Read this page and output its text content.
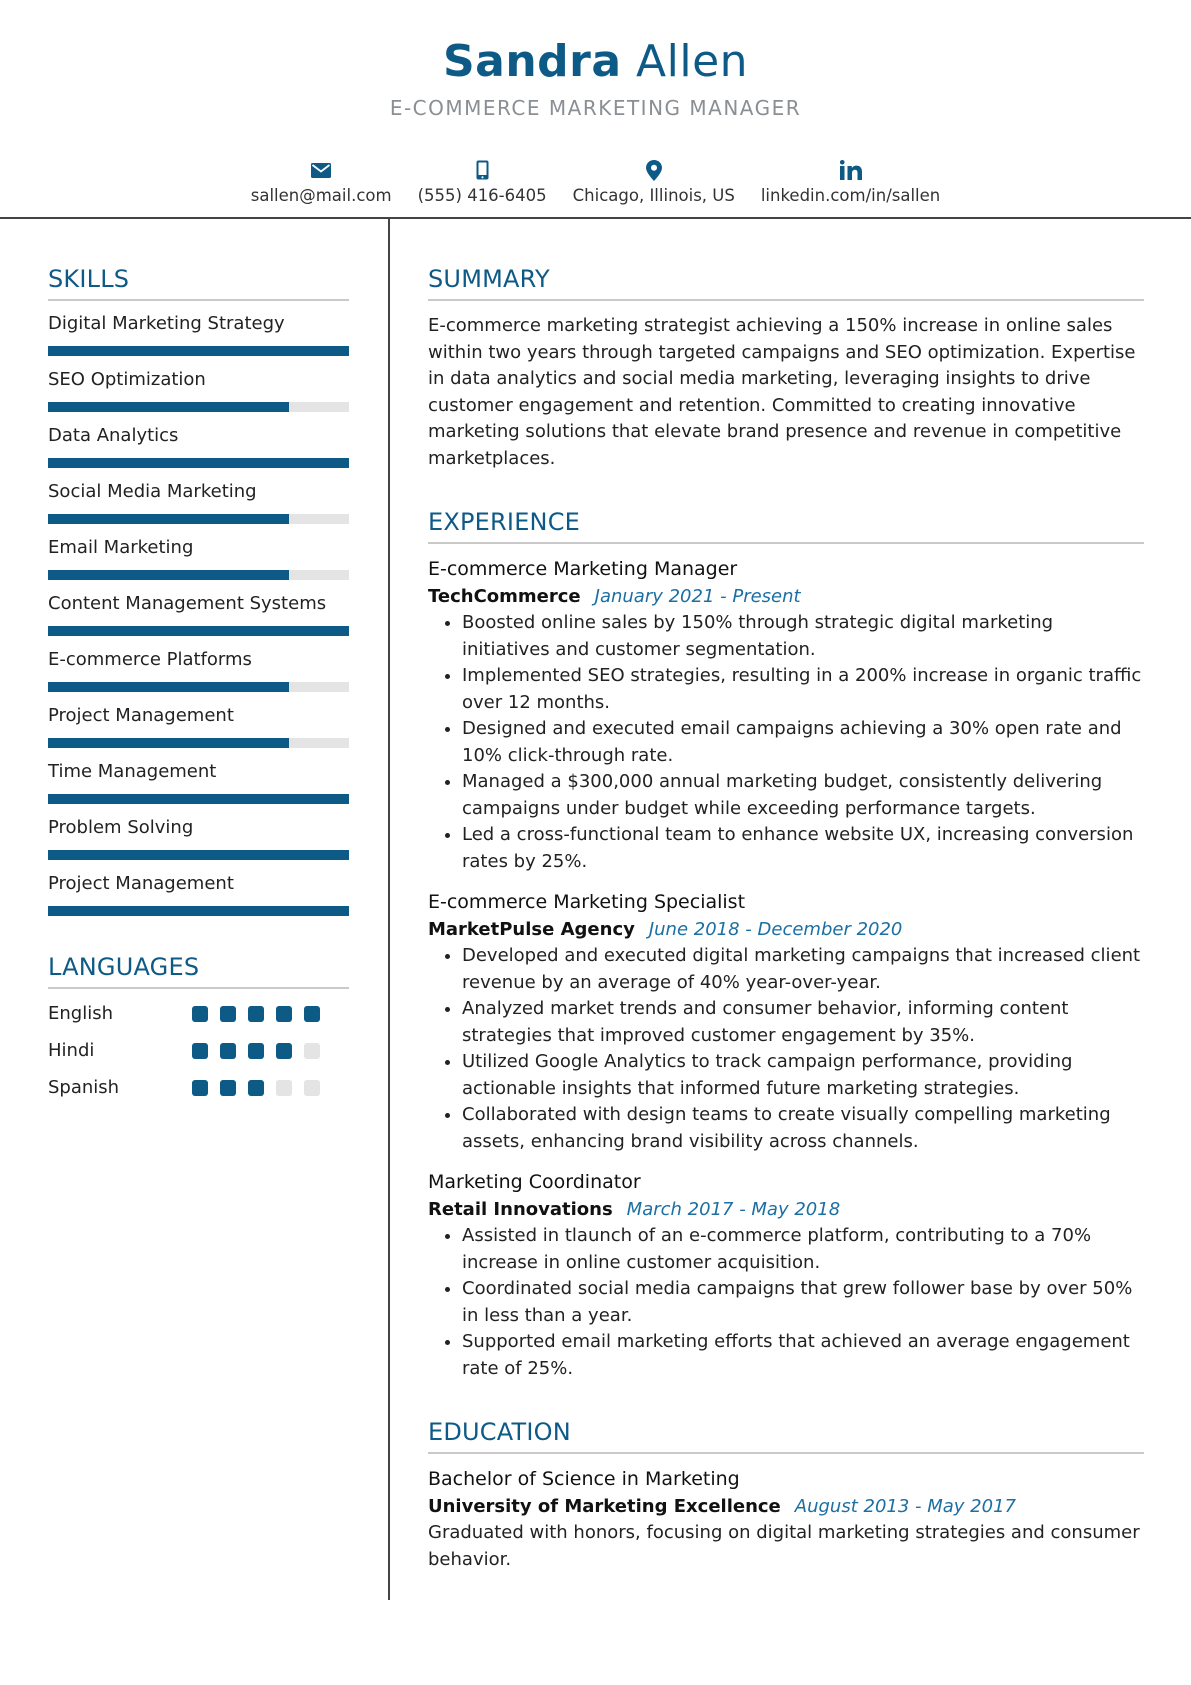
Sandra Allen
E-COMMERCE MARKETING MANAGER
sallen@mail.com (555) 416-6405 Chicago, Illinois, US linkedin.com/in/sallen
SKILLS
Digital Marketing Strategy
SEO Optimization
Data Analytics
Social Media Marketing
Email Marketing
Content Management Systems
E-commerce Platforms
Project Management
Time Management
Problem Solving
Project Management
LANGUAGES
English
Hindi
Spanish
SUMMARY
E-commerce marketing strategist achieving a 150% increase in online sales within two years through targeted campaigns and SEO optimization. Expertise in data analytics and social media marketing, leveraging insights to drive customer engagement and retention. Committed to creating innovative marketing solutions that elevate brand presence and revenue in competitive marketplaces.
EXPERIENCE
E-commerce Marketing Manager
TechCommerce January 2021 - Present
• Boosted online sales by 150% through strategic digital marketing initiatives and customer segmentation.
• Implemented SEO strategies, resulting in a 200% increase in organic traffic over 12 months.
• Designed and executed email campaigns achieving a 30% open rate and 10% click-through rate.
• Managed a $300,000 annual marketing budget, consistently delivering campaigns under budget while exceeding performance targets.
• Led a cross-functional team to enhance website UX, increasing conversion rates by 25%.
E-commerce Marketing Specialist
MarketPulse Agency June 2018 - December 2020
• Developed and executed digital marketing campaigns that increased client revenue by an average of 40% year-over-year.
• Analyzed market trends and consumer behavior, informing content strategies that improved customer engagement by 35%.
• Utilized Google Analytics to track campaign performance, providing actionable insights that informed future marketing strategies.
• Collaborated with design teams to create visually compelling marketing assets, enhancing brand visibility across channels.
Marketing Coordinator
Retail Innovations March 2017 - May 2018
• Assisted in tlaunch of an e-commerce platform, contributing to a 70% increase in online customer acquisition.
• Coordinated social media campaigns that grew follower base by over 50% in less than a year.
• Supported email marketing efforts that achieved an average engagement rate of 25%.
EDUCATION
Bachelor of Science in Marketing
University of Marketing Excellence August 2013 - May 2017
Graduated with honors, focusing on digital marketing strategies and consumer behavior.
